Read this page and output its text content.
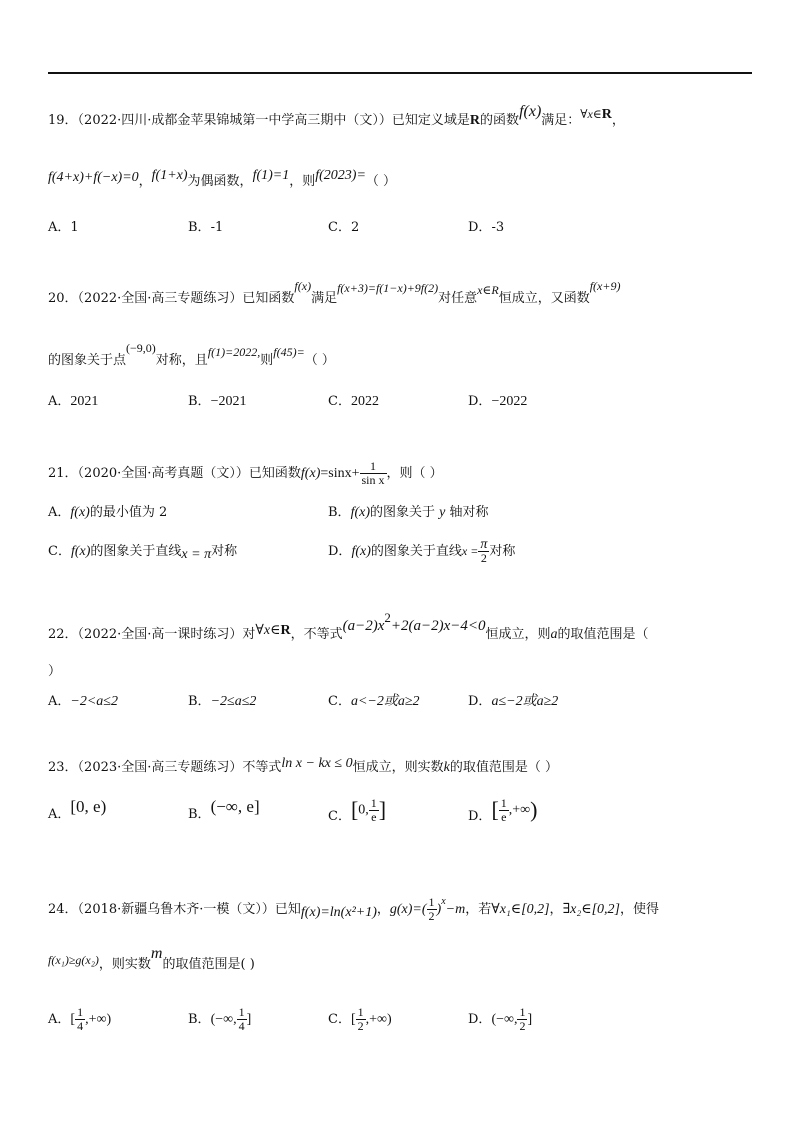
19．（2022·四川·成都金苹果锦城第一中学高三期中（文））已知定义域是R的函数f(x)满足：∀x∈R，
f(4+x)+f(−x)=0，f(1+x)为偶函数，f(1)=1，则f(2023)=（ ）
A．1	B．-1	C．2	D．-3
20．（2022·全国·高三专题练习）已知函数f(x)满足f(x+3)=f(1−x)+9f(2)对任意x∈R恒成立，又函数f(x+9)
的图象关于点(−9,0)对称，且f(1)=2022,则f(45)=（ ）
A．2021	B．−2021	C．2022	D．−2022
21．（2020·全国·高考真题（文））已知函数$f(x)=\sin x+ \frac{1}{\text{sin x}}$ ，则（ ）
A．f(x)的最小值为 2	B．f(x)的图象关于 y 轴对称
C．f(x)的图象关于直线x = π对称	D．f(x)的图象关于直线$x = \frac{\pi}{2}$ 对称
22．（2022·全国·高一课时练习）对∀x∈R，不等式(a−2)x2+2(a−2)x−4<0恒成立，则a的取值范围是（
）
A．−2<a≤2	B．−2≤a≤2	C．a<−2或a≥2	D．a≤−2或a≥2
23．（2023·全国·高三专题练习）不等式ln x − kx ≤ 0恒成立，则实数k的取值范围是（ ）
A．[0, e)	B．(−∞, e]	C．[0, $\frac{1}{e}$ ]	D．[ $\frac{1}{e}$ ,+∞)
24．（2018·新疆乌鲁木齐·一模（文））已知f(x)=ln(x²+1)，$g(x)=( \frac{1}{2} )^x-m$，若∀x₁∈[0,2]，∃x₂∈[0,2]，使得
f(x₁)≥g(x₂)，则实数m的取值范围是( )
A．[ $\frac{1}{4}$ ,+∞)	B．(−∞, $\frac{1}{4}$ ]	C．[ $\frac{1}{2}$ ,+∞)	D．(−∞, $\frac{1}{2}$ ]
